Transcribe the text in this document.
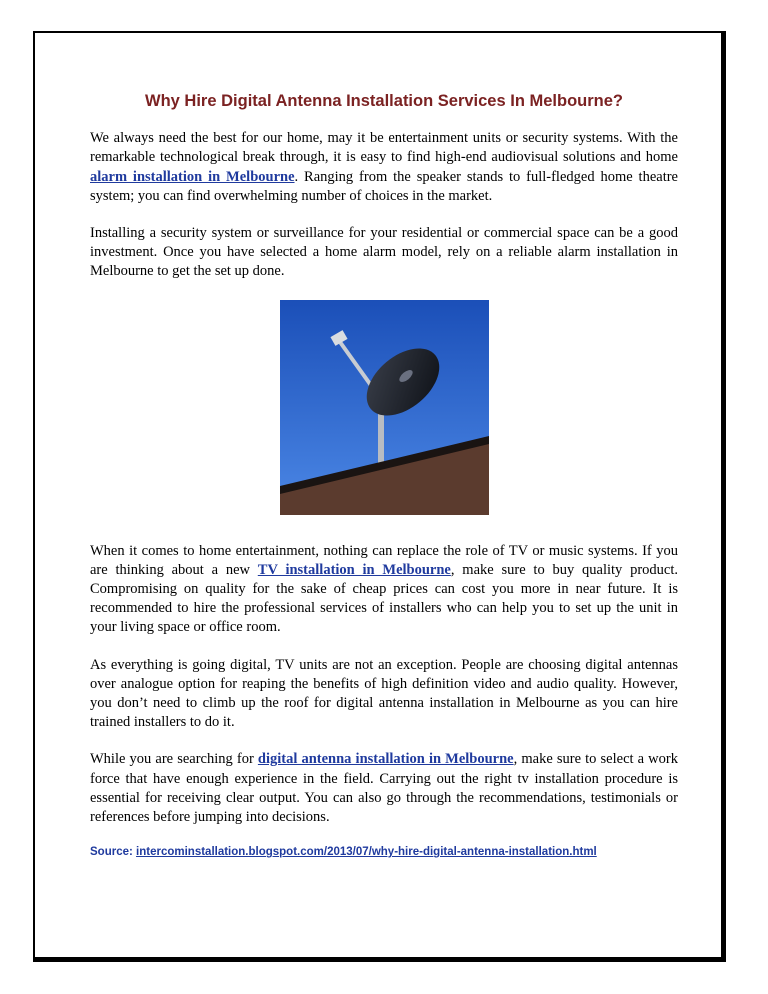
Why Hire Digital Antenna Installation Services In Melbourne?

We always need the best for our home, may it be entertainment units or security systems. With the remarkable technological break through, it is easy to find high-end audiovisual solutions and home alarm installation in Melbourne. Ranging from the speaker stands to full-fledged home theatre system; you can find overwhelming number of choices in the market.

Installing a security system or surveillance for your residential or commercial space can be a good investment. Once you have selected a home alarm model, rely on a reliable alarm installation in Melbourne to get the set up done.

When it comes to home entertainment, nothing can replace the role of TV or music systems. If you are thinking about a new TV installation in Melbourne, make sure to buy quality product. Compromising on quality for the sake of cheap prices can cost you more in near future. It is recommended to hire the professional services of installers who can help you to set up the unit in your living space or office room.

As everything is going digital, TV units are not an exception. People are choosing digital antennas over analogue option for reaping the benefits of high definition video and audio quality. However, you don’t need to climb up the roof for digital antenna installation in Melbourne as you can hire trained installers to do it.

While you are searching for digital antenna installation in Melbourne, make sure to select a work force that have enough experience in the field. Carrying out the right tv installation procedure is essential for receiving clear output. You can also go through the recommendations, testimonials or references before jumping into decisions.

Source: intercominstallation.blogspot.com/2013/07/why-hire-digital-antenna-installation.html
